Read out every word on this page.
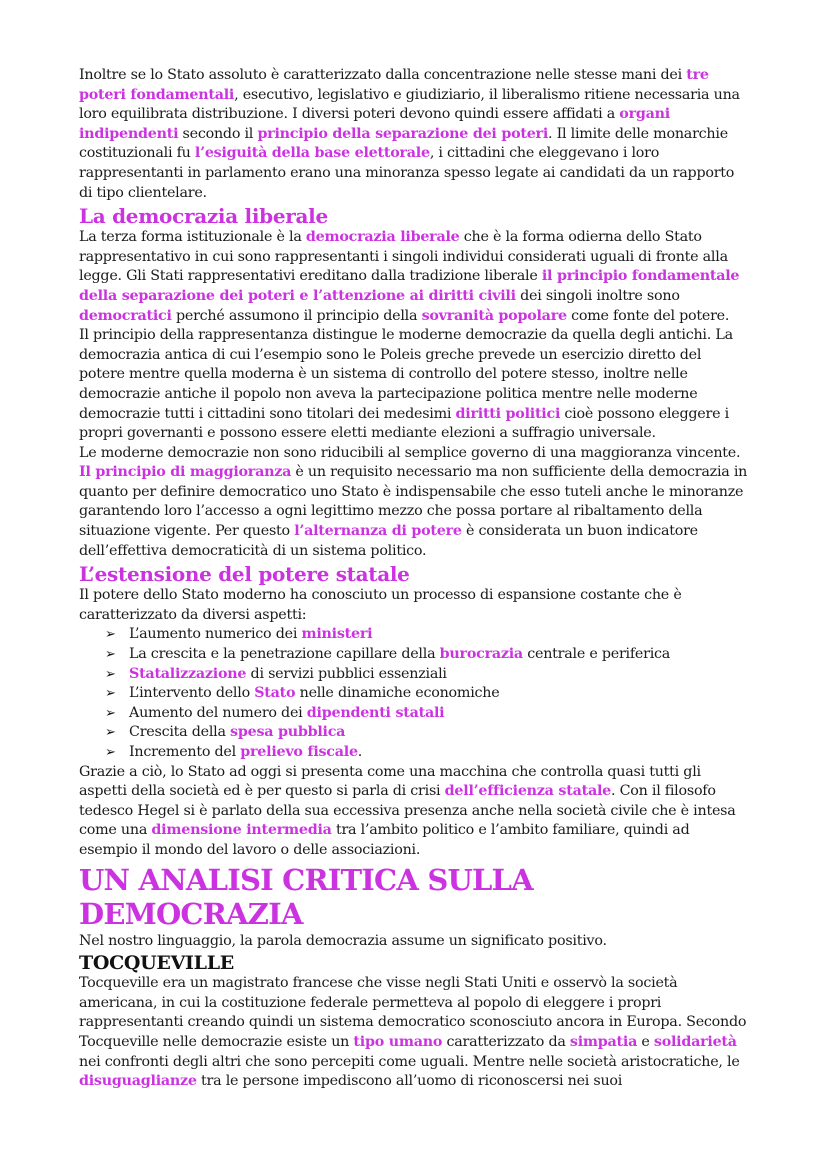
Inoltre se lo Stato assoluto è caratterizzato dalla concentrazione nelle stesse mani dei tre poteri fondamentali, esecutivo, legislativo e giudiziario, il liberalismo ritiene necessaria una loro equilibrata distribuzione. I diversi poteri devono quindi essere affidati a organi indipendenti secondo il principio della separazione dei poteri. Il limite delle monarchie costituzionali fu l’esiguità della base elettorale, i cittadini che eleggevano i loro rappresentanti in parlamento erano una minoranza spesso legate ai candidati da un rapporto di tipo clientelare.

La democrazia liberale

La terza forma istituzionale è la democrazia liberale che è la forma odierna dello Stato rappresentativo in cui sono rappresentanti i singoli individui considerati uguali di fronte alla legge. Gli Stati rappresentativi ereditano dalla tradizione liberale il principio fondamentale della separazione dei poteri e l’attenzione ai diritti civili dei singoli inoltre sono democratici perché assumono il principio della sovranità popolare come fonte del potere.
Il principio della rappresentanza distingue le moderne democrazie da quella degli antichi. La democrazia antica di cui l’esempio sono le Poleis greche prevede un esercizio diretto del potere mentre quella moderna è un sistema di controllo del potere stesso, inoltre nelle democrazie antiche il popolo non aveva la partecipazione politica mentre nelle moderne democrazie tutti i cittadini sono titolari dei medesimi diritti politici cioè possono eleggere i propri governanti e possono essere eletti mediante elezioni a suffragio universale.

Le moderne democrazie non sono riducibili al semplice governo di una maggioranza vincente.
Il principio di maggioranza è un requisito necessario ma non sufficiente della democrazia in quanto per definire democratico uno Stato è indispensabile che esso tuteli anche le minoranze garantendo loro l’accesso a ogni legittimo mezzo che possa portare al ribaltamento della situazione vigente. Per questo l’alternanza di potere è considerata un buon indicatore dell’effettiva democraticità di un sistema politico.

L’estensione del potere statale

Il potere dello Stato moderno ha conosciuto un processo di espansione costante che è caratterizzato da diversi aspetti:

➢ L’aumento numerico dei ministeri
➢ La crescita e la penetrazione capillare della burocrazia centrale e periferica
➢ Statalizzazione di servizi pubblici essenziali
➢ L’intervento dello Stato nelle dinamiche economiche
➢ Aumento del numero dei dipendenti statali
➢ Crescita della spesa pubblica
➢ Incremento del prelievo fiscale.

Grazie a ciò, lo Stato ad oggi si presenta come una macchina che controlla quasi tutti gli aspetti della società ed è per questo si parla di crisi dell’efficienza statale. Con il filosofo tedesco Hegel si è parlato della sua eccessiva presenza anche nella società civile che è intesa come una dimensione intermedia tra l’ambito politico e l’ambito familiare, quindi ad esempio il mondo del lavoro o delle associazioni.

UN ANALISI CRITICA SULLA DEMOCRAZIA

Nel nostro linguaggio, la parola democrazia assume un significato positivo.

TOCQUEVILLE

Tocqueville era un magistrato francese che visse negli Stati Uniti e osservò la società americana, in cui la costituzione federale permetteva al popolo di eleggere i propri rappresentanti creando quindi un sistema democratico sconosciuto ancora in Europa. Secondo Tocqueville nelle democrazie esiste un tipo umano caratterizzato da simpatia e solidarietà nei confronti degli altri che sono percepiti come uguali. Mentre nelle società aristocratiche, le disuguaglianze tra le persone impediscono all’uomo di riconoscersi nei suoi
